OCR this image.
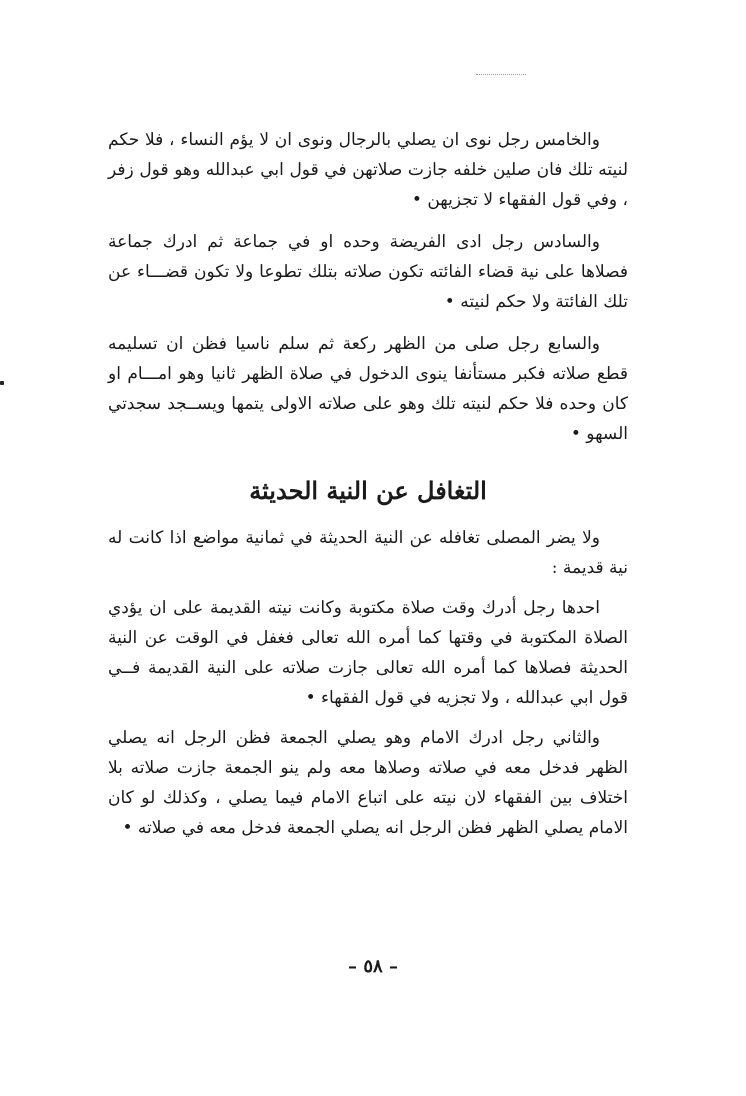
والخامس رجل نوى ان يصلي بالرجال ونوى ان لا يؤم النساء ، فلا حكم لنيته تلك فان صلين خلفه جازت صلاتهن في قول ابي عبدالله وهو قول زفر ، وفي قول الفقهاء لا تجزيهن •

والسادس رجل ادى الفريضة وحده او في جماعة ثم ادرك جماعة فصلاها على نية قضاء الفائته تكون صلاته بتلك تطوعا ولا تكون قضـــاء عن تلك الفائتة ولا حكم لنيته •

والسابع رجل صلى من الظهر ركعة ثم سلم ناسيا فظن ان تسليمه قطع صلاته فكبر مستأنفا ينوى الدخول في صلاة الظهر ثانيا وهو امـــام او كان وحده فلا حكم لنيته تلك وهو على صلاته الاولى يتمها ويســجد سجدتي السهو •

التغافل عن النية الحديثة

ولا يضر المصلى تغافله عن النية الحديثة في ثمانية مواضع اذا كانت له نية قديمة :

احدها رجل أدرك وقت صلاة مكتوبة وكانت نيته القديمة على ان يؤدي الصلاة المكتوبة في وقتها كما أمره الله تعالى فغفل في الوقت عن النية الحديثة فصلاها كما أمره الله تعالى جازت صلاته على النية القديمة فــي قول ابي عبدالله ، ولا تجزيه في قول الفقهاء •

والثاني رجل ادرك الامام وهو يصلي الجمعة فظن الرجل انه يصلي الظهر فدخل معه في صلاته وصلاها معه ولم ينو الجمعة جازت صلاته بلا اختلاف بين الفقهاء لان نيته على اتباع الامام فيما يصلي ، وكذلك لو كان الامام يصلي الظهر فظن الرجل انه يصلي الجمعة فدخل معه في صلاته •

– ٥٨ –
